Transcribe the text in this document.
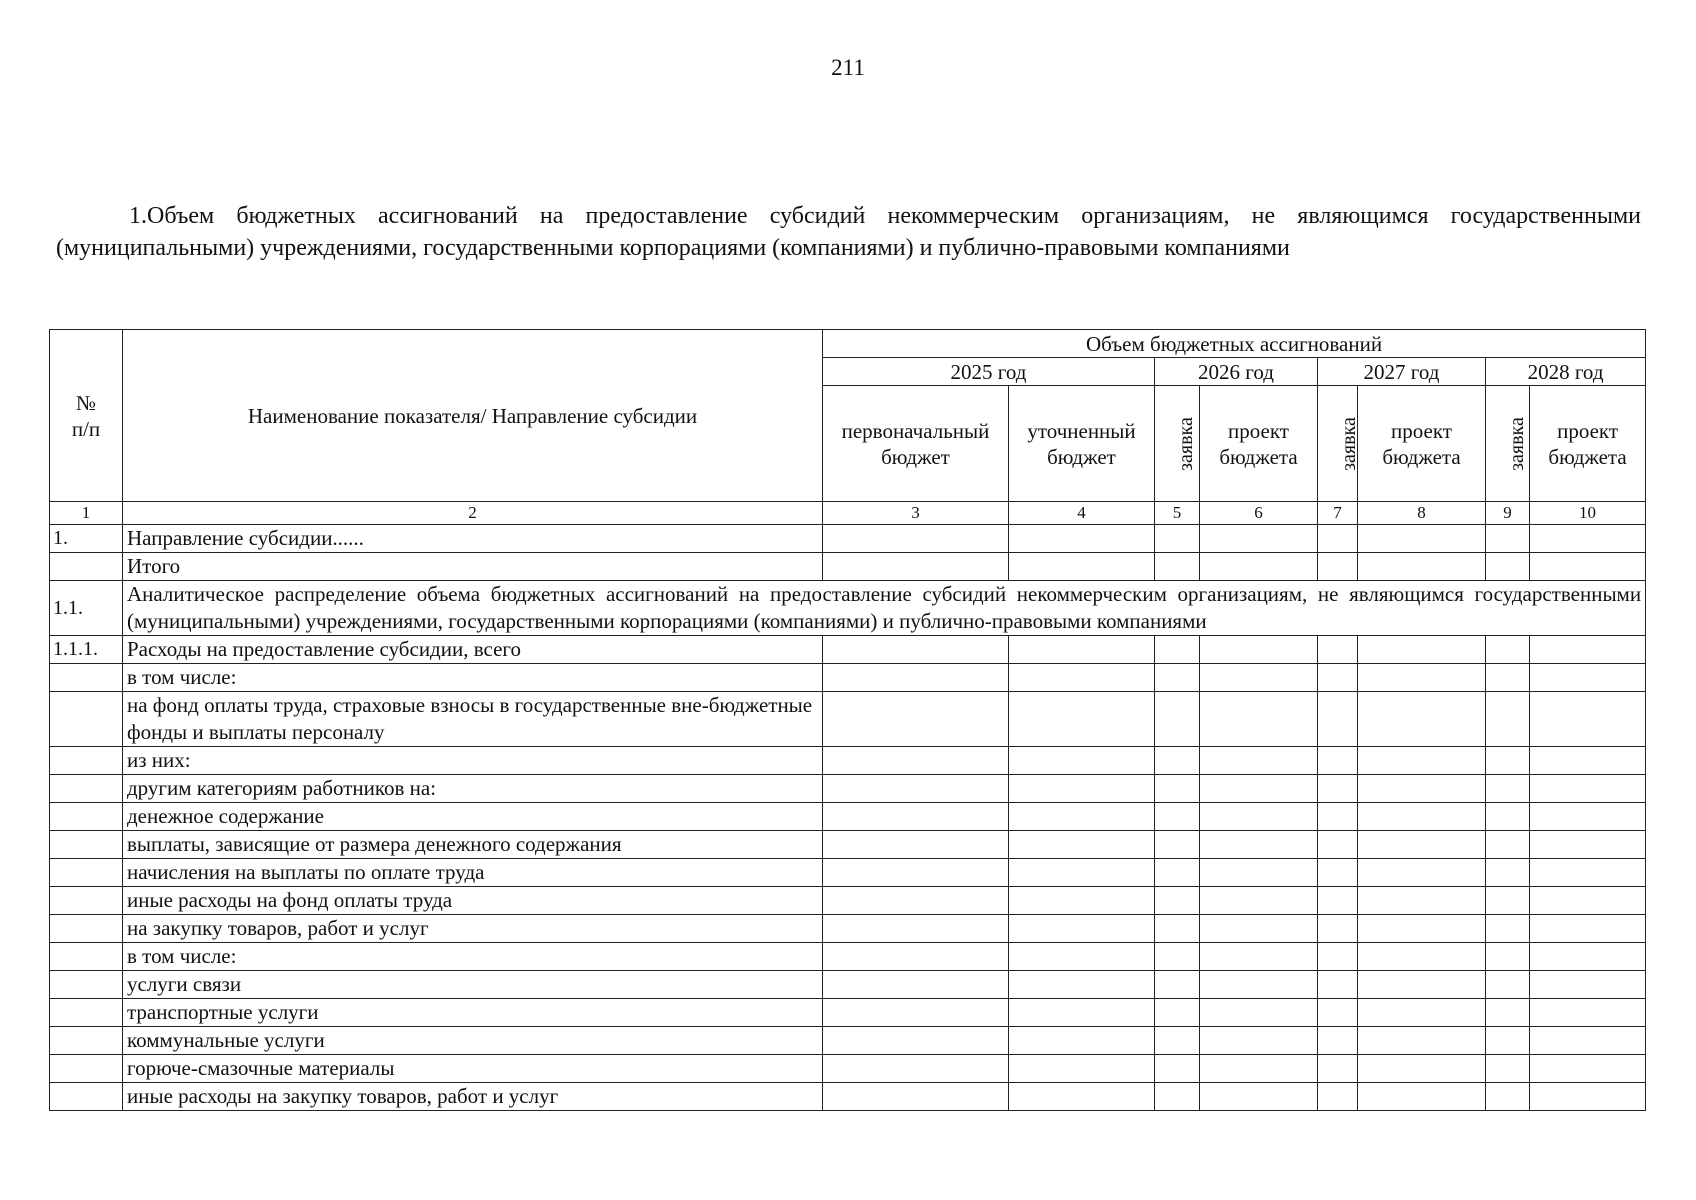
211
1.Объем бюджетных ассигнований на предоставление субсидий некоммерческим организациям, не являющимся государственными (муниципальными) учреждениями, государственными корпорациями (компаниями) и публично-правовыми компаниями
№ п/п	Наименование показателя/ Направление субсидии	Объем бюджетных ассигнований							
		2025 год		2026 год		2027 год		2028 год	
		первоначальный бюджет	уточненный бюджет	заявка	проект бюджета	заявка	проект бюджета	заявка	проект бюджета
1	2	3	4	5	6	7	8	9	10
1.	Направление субсидии......								
	Итого								
1.1.	Аналитическое распределение объема бюджетных ассигнований на предоставление субсидий некоммерческим организациям, не являющимся государственными (муниципальными) учреждениями, государственными корпорациями (компаниями) и публично-правовыми компаниями								
1.1.1.	Расходы на предоставление субсидии, всего								
	в том числе:								
	на фонд оплаты труда, страховые взносы в государственные вне-бюджетные фонды и выплаты персоналу								
	из них:								
	другим категориям работников на:								
	денежное содержание								
	выплаты, зависящие от размера денежного содержания								
	начисления на выплаты по оплате труда								
	иные расходы на фонд оплаты труда								
	на закупку товаров, работ и услуг								
	в том числе:								
	услуги связи								
	транспортные услуги								
	коммунальные услуги								
	горюче-смазочные материалы								
	иные расходы на закупку товаров, работ и услуг								
